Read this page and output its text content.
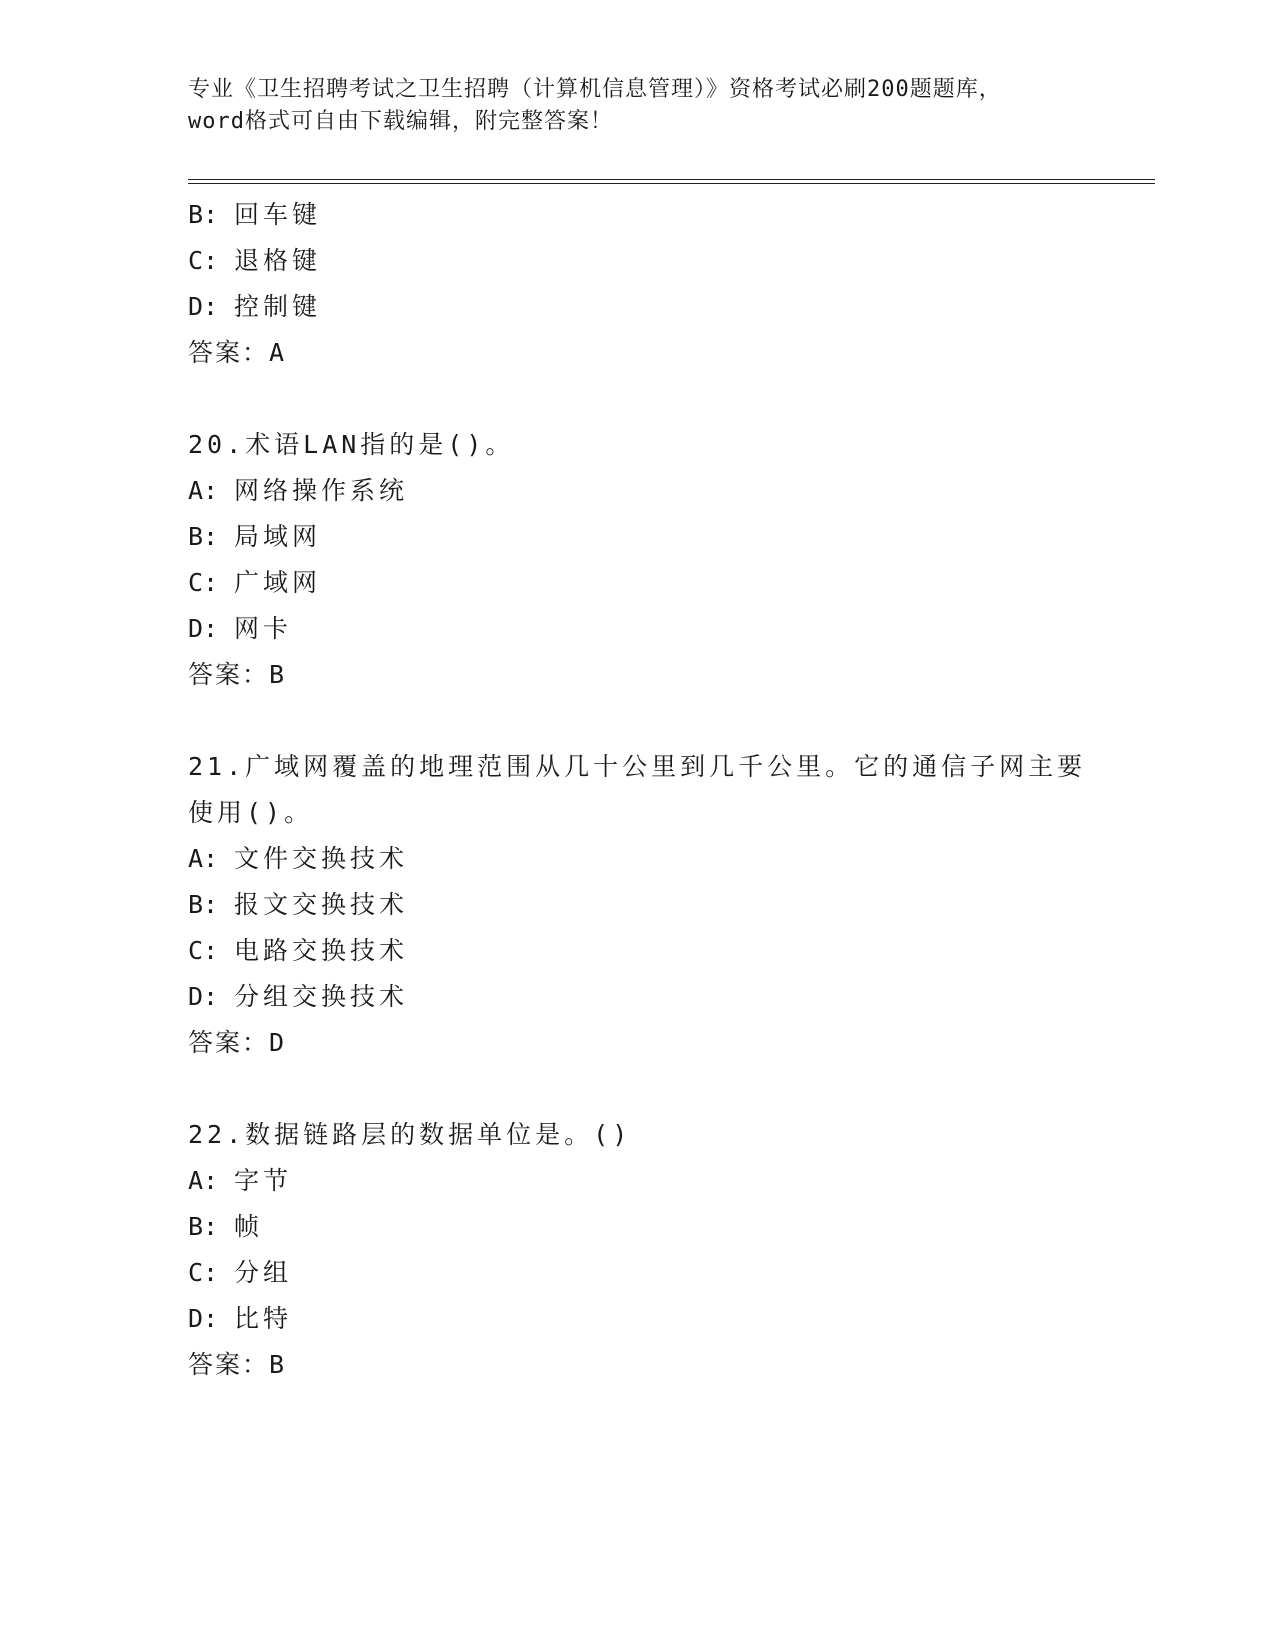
专业《卫生招聘考试之卫生招聘（计算机信息管理）》资格考试必刷200题题库，
word格式可自由下载编辑，附完整答案！
B: 回车键
C: 退格键
D: 控制键
答案：A
20.术语LAN指的是()。
A: 网络操作系统
B: 局域网
C: 广域网
D: 网卡
答案：B
21.广域网覆盖的地理范围从几十公里到几千公里。它的通信子网主要
使用()。
A: 文件交换技术
B: 报文交换技术
C: 电路交换技术
D: 分组交换技术
答案：D
22.数据链路层的数据单位是。()
A: 字节
B: 帧
C: 分组
D: 比特
答案：B
